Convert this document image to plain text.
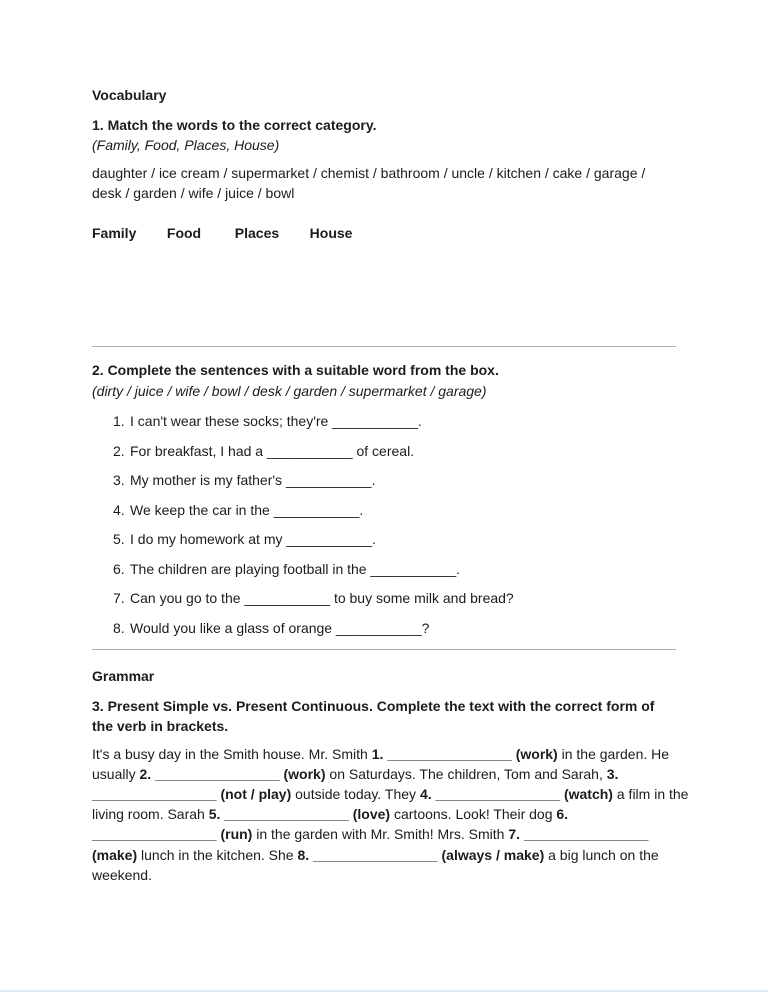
Vocabulary
1. Match the words to the correct category.
(Family, Food, Places, House)
daughter / ice cream / supermarket / chemist / bathroom / uncle / kitchen / cake / garage / desk / garden / wife / juice / bowl
Family Food Places House
2. Complete the sentences with a suitable word from the box.
(dirty / juice / wife / bowl / desk / garden / supermarket / garage)
1. I can't wear these socks; they're ___________.
2. For breakfast, I had a ___________ of cereal.
3. My mother is my father's ___________.
4. We keep the car in the ___________.
5. I do my homework at my ___________.
6. The children are playing football in the ___________.
7. Can you go to the ___________ to buy some milk and bread?
8. Would you like a glass of orange ___________?
Grammar
3. Present Simple vs. Present Continuous. Complete the text with the correct form of the verb in brackets.
It's a busy day in the Smith house. Mr. Smith 1. ________________ (work) in the garden. He
usually 2. ________________ (work) on Saturdays. The children, Tom and Sarah, 3.
________________ (not / play) outside today. They 4. ________________ (watch) a film in the
living room. Sarah 5. ________________ (love) cartoons. Look! Their dog 6.
________________ (run) in the garden with Mr. Smith! Mrs. Smith 7. ________________
(make) lunch in the kitchen. She 8. ________________ (always / make) a big lunch on the
weekend.
